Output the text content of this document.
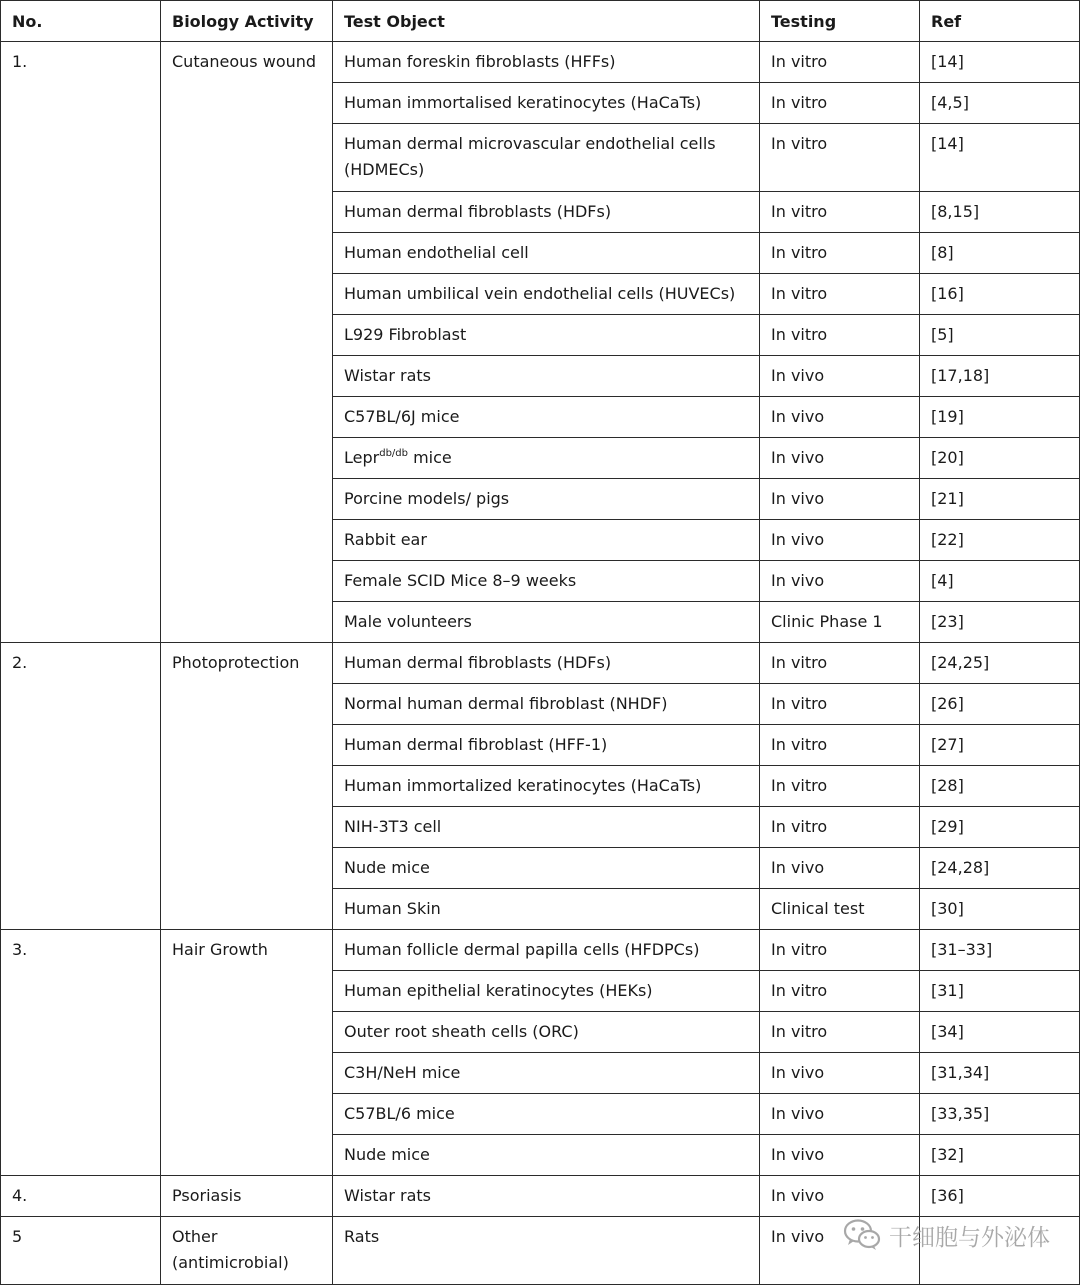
No.	Biology Activity	Test Object	Testing	Ref
1.	Cutaneous wound	Human foreskin fibroblasts (HFFs)	In vitro	[14]
		Human immortalised keratinocytes (HaCaTs)	In vitro	[4,5]
		Human dermal microvascular endothelial cells (HDMECs)	In vitro	[14]
		Human dermal fibroblasts (HDFs)	In vitro	[8,15]
		Human endothelial cell	In vitro	[8]
		Human umbilical vein endothelial cells (HUVECs)	In vitro	[16]
		L929 Fibroblast	In vitro	[5]
		Wistar rats	In vivo	[17,18]
		C57BL/6J mice	In vivo	[19]
		Lepr$^{db/db}$ mice	In vivo	[20]
		Porcine models/ pigs	In vivo	[21]
		Rabbit ear	In vivo	[22]
		Female SCID Mice 8–9 weeks	In vivo	[4]
		Male volunteers	Clinic Phase 1	[23]
2.	Photoprotection	Human dermal fibroblasts (HDFs)	In vitro	[24,25]
		Normal human dermal fibroblast (NHDF)	In vitro	[26]
		Human dermal fibroblast (HFF-1)	In vitro	[27]
		Human immortalized keratinocytes (HaCaTs)	In vitro	[28]
		NIH-3T3 cell	In vitro	[29]
		Nude mice	In vivo	[24,28]
		Human Skin	Clinical test	[30]
3.	Hair Growth	Human follicle dermal papilla cells (HFDPCs)	In vitro	[31–33]
		Human epithelial keratinocytes (HEKs)	In vitro	[31]
		Outer root sheath cells (ORC)	In vitro	[34]
		C3H/NeH mice	In vivo	[31,34]
		C57BL/6 mice	In vivo	[33,35]
		Nude mice	In vivo	[32]
4.	Psoriasis	Wistar rats	In vivo	[36]
5	Other (antimicrobial)	Rats	In vivo		干细胞与外泌体
